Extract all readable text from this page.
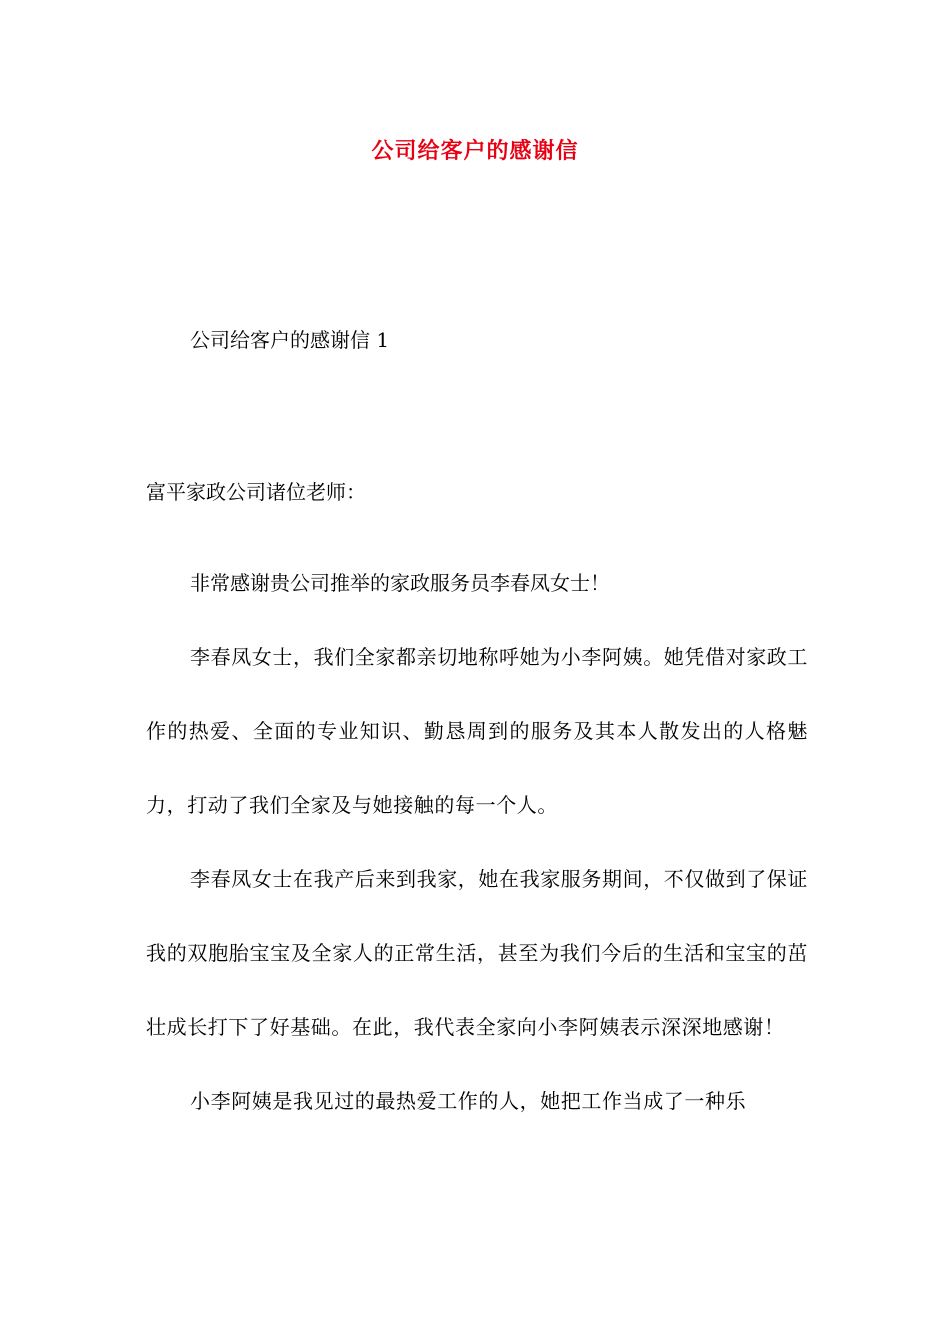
公司给客户的感谢信
公司给客户的感谢信 1
富平家政公司诸位老师：

非常感谢贵公司推举的家政服务员李春凤女士！

李春凤女士，我们全家都亲切地称呼她为小李阿姨。她凭借对家政工作的热爱、全面的专业知识、勤恳周到的服务及其本人散发出的人格魅力，打动了我们全家及与她接触的每一个人。

李春凤女士在我产后来到我家，她在我家服务期间，不仅做到了保证我的双胞胎宝宝及全家人的正常生活，甚至为我们今后的生活和宝宝的茁壮成长打下了好基础。在此，我代表全家向小李阿姨表示深深地感谢！

小李阿姨是我见过的最热爱工作的人，她把工作当成了一种乐
